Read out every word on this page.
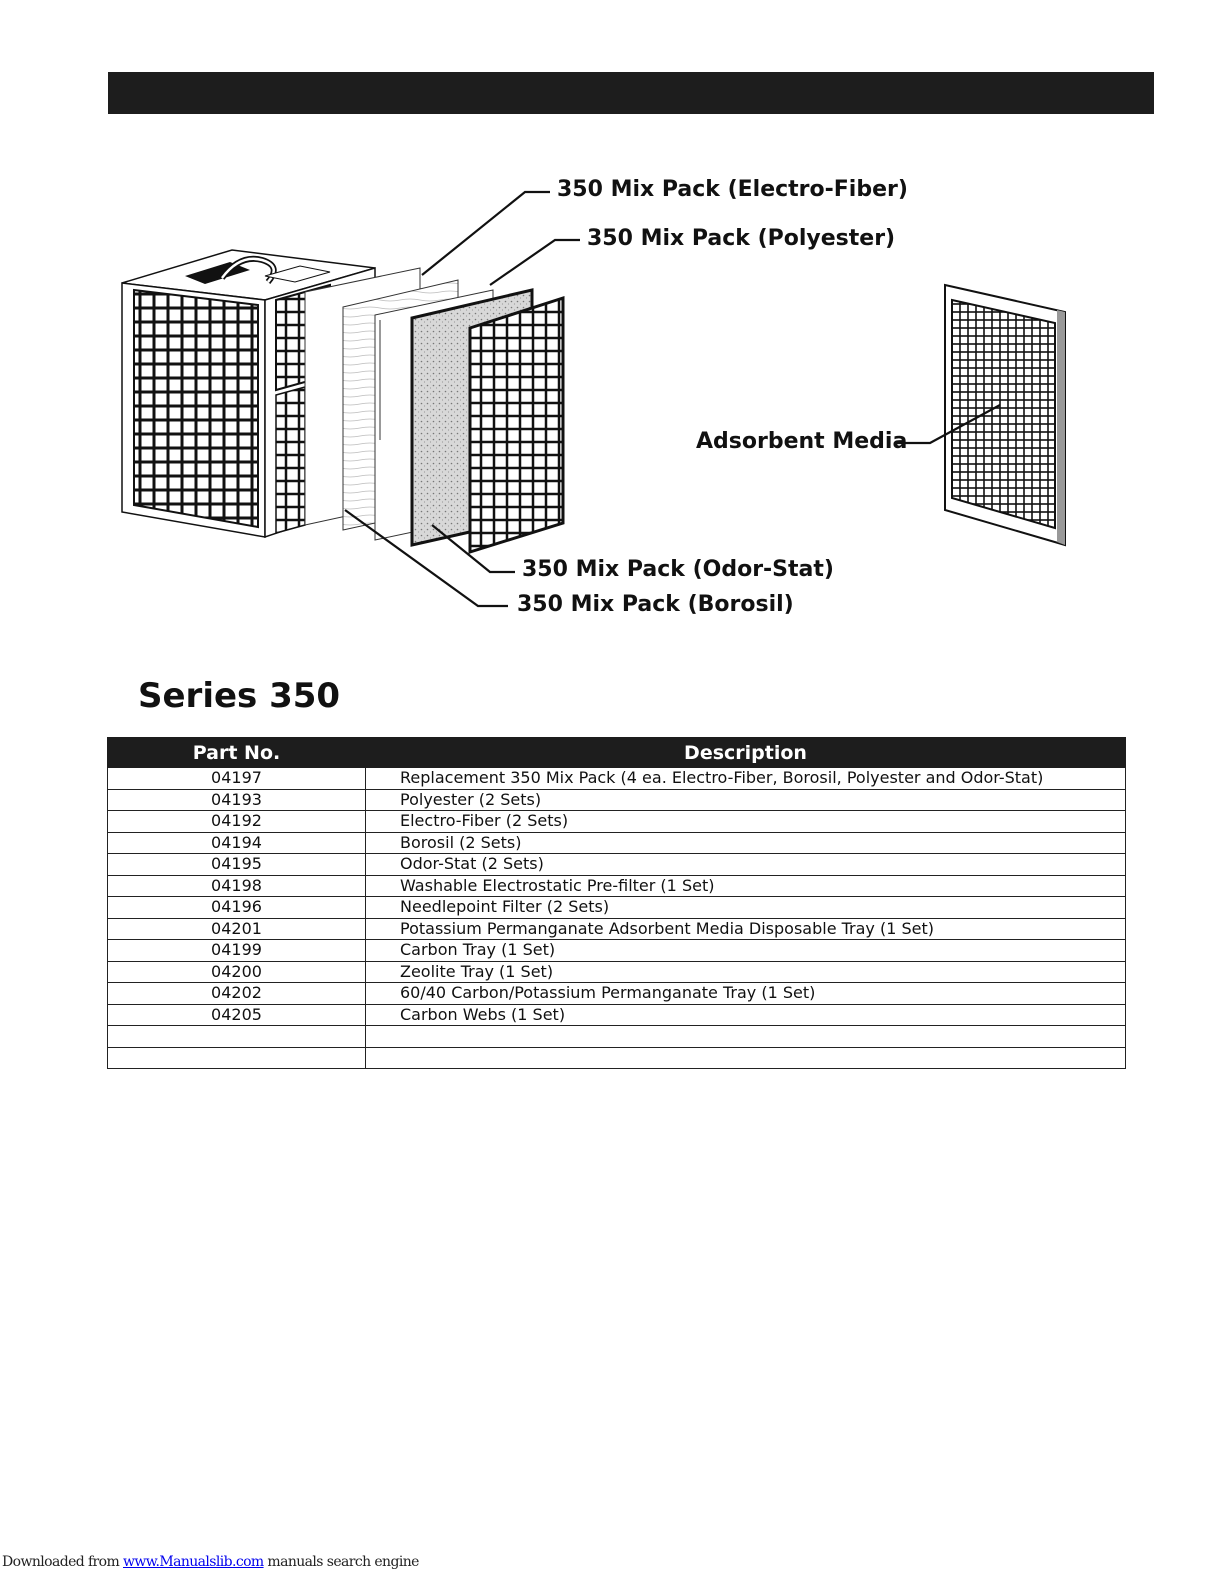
350 Mix Pack (Electro-Fiber)
350 Mix Pack (Polyester)
Adsorbent Media
350 Mix Pack (Odor-Stat)
350 Mix Pack (Borosil)
Series 350
Part No.	Description
04197	Replacement 350 Mix Pack (4 ea. Electro-Fiber, Borosil, Polyester and Odor-Stat)
04193	Polyester (2 Sets)
04192	Electro-Fiber (2 Sets)
04194	Borosil (2 Sets)
04195	Odor-Stat (2 Sets)
04198	Washable Electrostatic Pre-filter (1 Set)
04196	Needlepoint Filter (2 Sets)
04201	Potassium Permanganate Adsorbent Media Disposable Tray (1 Set)
04199	Carbon Tray (1 Set)
04200	Zeolite Tray (1 Set)
04202	60/40 Carbon/Potassium Permanganate Tray (1 Set)
04205	Carbon Webs (1 Set)

Downloaded from www.Manualslib.com manuals search engine
